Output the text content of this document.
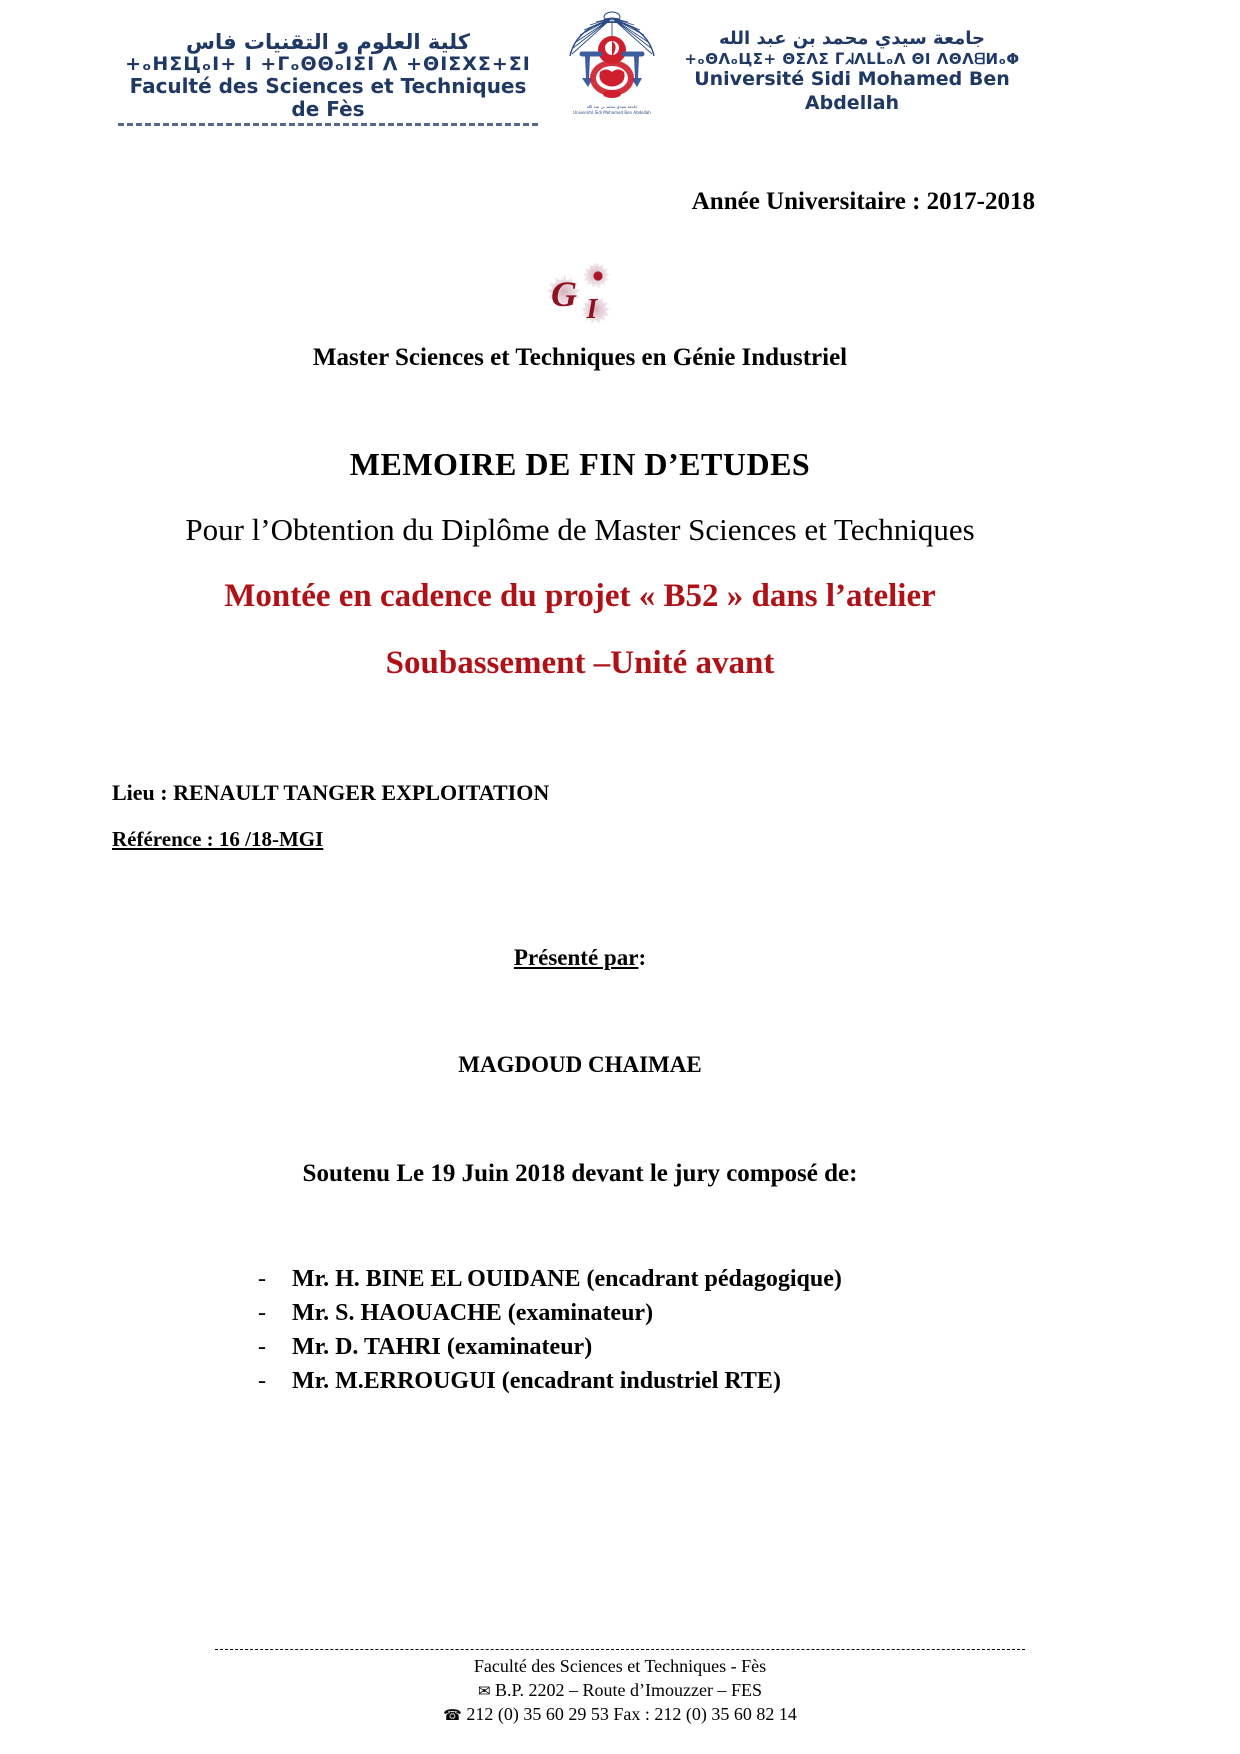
كلية العلوم و التقنيات فاس
+ₒᕼΣЦₒI+ I +ᒥₒΘΘₒIΣI Λ +ΘIΣXΣ+ΣI
Faculté des Sciences et Techniques de Fès	جامعة سيدي محمد بن عبد الله
Université Sidi Mohamed Ben Abdellah
جامعة سيدي محمد بن عبد الله
+ₒΘΛₒЦΣ+ ΘΣΛΣ ᒥᖽΛᒪᒪₒΛ ΘI ΛΘΛᗺИₒΦ
Université Sidi Mohamed Ben Abdellah
Année Universitaire : 2017-2018
G I
Master Sciences et Techniques en Génie Industriel
MEMOIRE DE FIN D’ETUDES
Pour l’Obtention du Diplôme de Master Sciences et Techniques
Montée en cadence du projet « B52 » dans l’atelier
Soubassement –Unité avant
Lieu : RENAULT TANGER EXPLOITATION
Référence : 16 /18-MGI
Présenté par:
MAGDOUD CHAIMAE
Soutenu Le 19 Juin 2018 devant le jury composé de:
-	Mr. H. BINE EL OUIDANE (encadrant pédagogique)
-	Mr. S. HAOUACHE (examinateur)
-	Mr. D. TAHRI (examinateur)
-	Mr. M.ERROUGUI (encadrant industriel RTE)
Faculté des Sciences et Techniques - Fès
✉ B.P. 2202 – Route d’Imouzzer – FES
☎ 212 (0) 35 60 29 53 Fax : 212 (0) 35 60 82 14
